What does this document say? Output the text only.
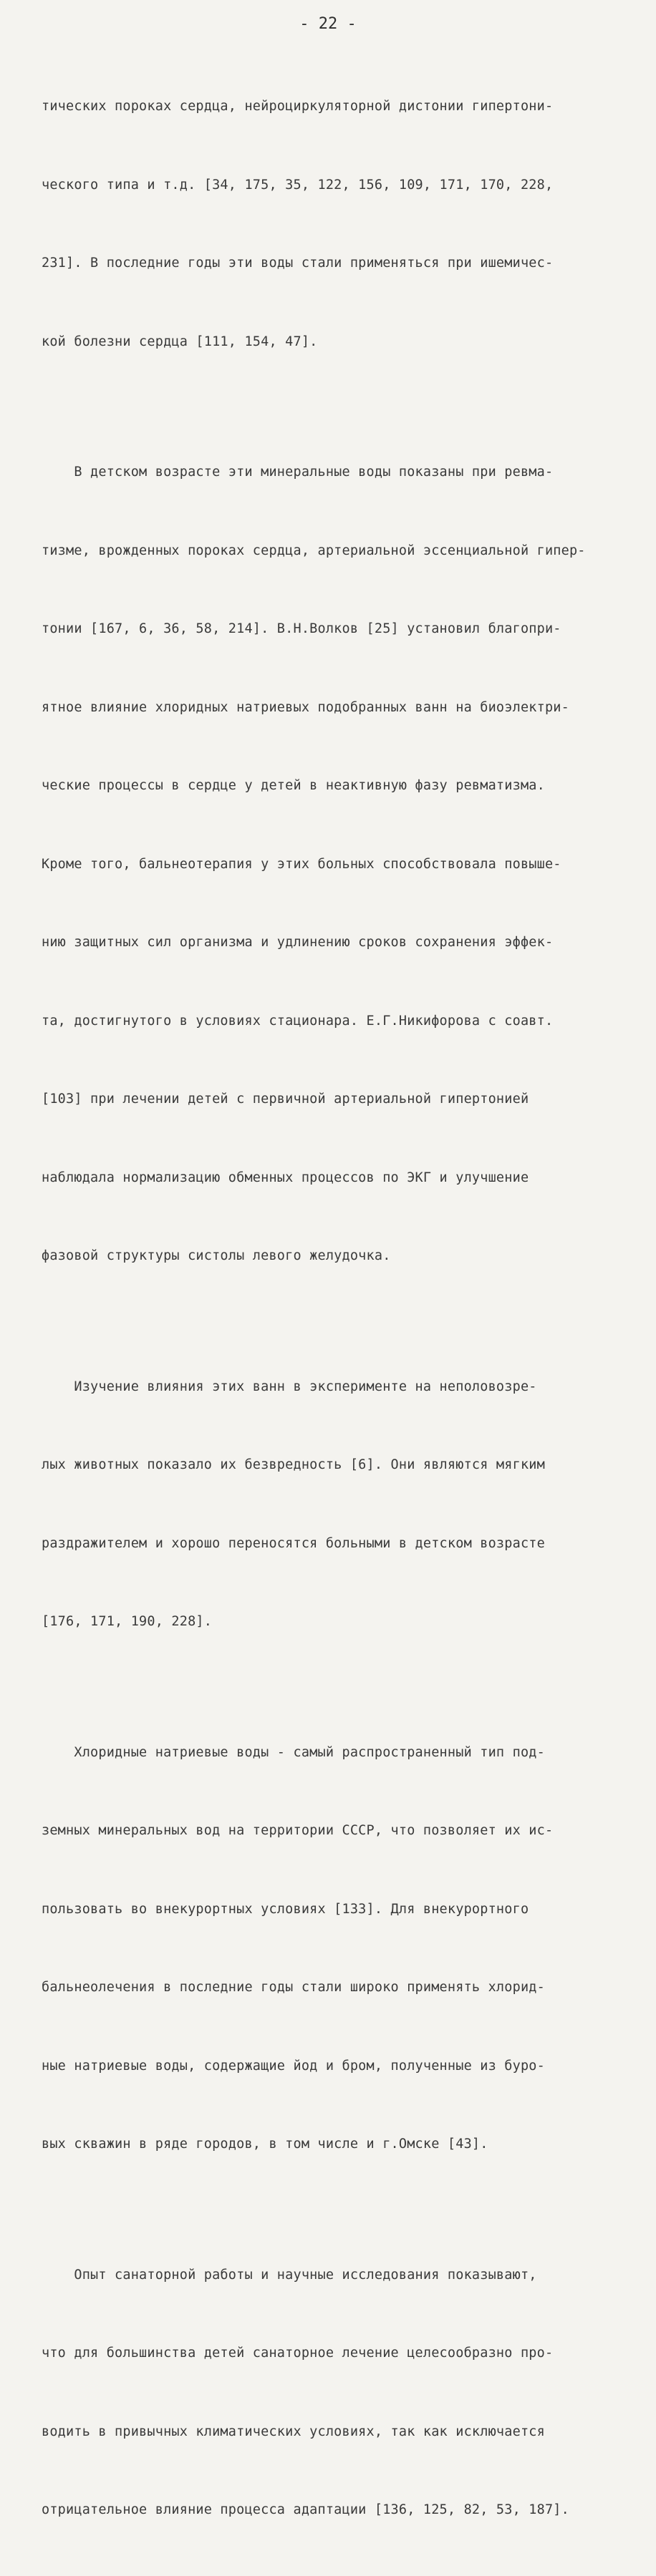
- 22 -

тических пороках сердца, нейроциркуляторной дистонии гипертони-

ческого типа и т.д. [34, 175, 35, 122, 156, 109, 171, 170, 228,

231]. В последние годы эти воды стали применяться при ишемичес-

кой болезни сердца [111, 154, 47].

В детском возрасте эти минеральные воды показаны при ревма-

тизме, врожденных пороках сердца, артериальной эссенциальной гипер-

тонии [167, 6, 36, 58, 214]. В.Н.Волков [25] установил благопри-

ятное влияние хлоридных натриевых подобранных ванн на биоэлектри-

ческие процессы в сердце у детей в неактивную фазу ревматизма.

Кроме того, бальнеотерапия у этих больных способствовала повыше-

нию защитных сил организма и удлинению сроков сохранения эффек-

та, достигнутого в условиях стационара. Е.Г.Никифорова с соавт.

[103] при лечении детей с первичной артериальной гипертонией

наблюдала нормализацию обменных процессов по ЭКГ и улучшение

фазовой структуры систолы левого желудочка.

Изучение влияния этих ванн в эксперименте на неполовозре-

лых животных показало их безвредность [6]. Они являются мягким

раздражителем и хорошо переносятся больными в детском возрасте

[176, 171, 190, 228].

Хлоридные натриевые воды - самый распространенный тип под-

земных минеральных вод на территории СССР, что позволяет их ис-

пользовать во внекурортных условиях [133]. Для внекурортного

бальнеолечения в последние годы стали широко применять хлорид-

ные натриевые воды, содержащие йод и бром, полученные из буро-

вых скважин в ряде городов, в том числе и г.Омске [43].

Опыт санаторной работы и научные исследования показывают,

что для большинства детей санаторное лечение целесообразно про-

водить в привычных климатических условиях, так как исключается

отрицательное влияние процесса адаптации [136, 125, 82, 53, 187].
